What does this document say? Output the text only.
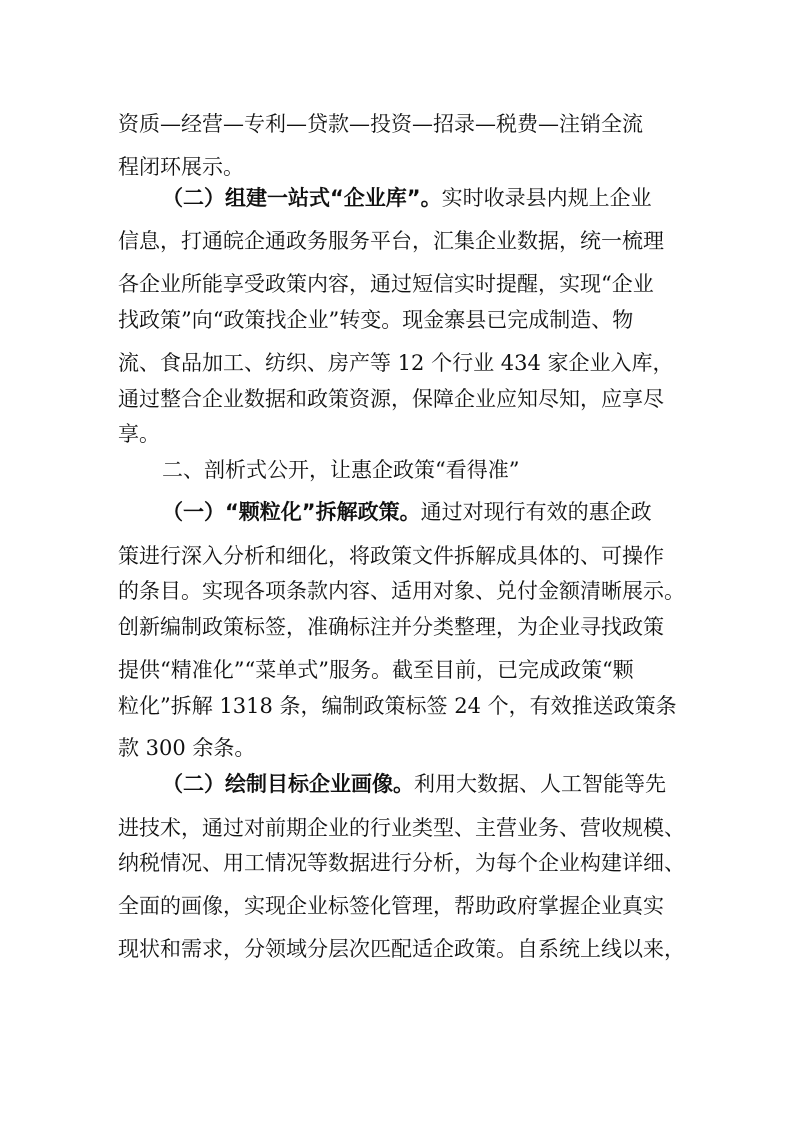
资质—经营—专利—贷款—投资—招录—税费—注销全流
程闭环展示。
（二）组建一站式“企业库”。实时收录县内规上企业
信息，打通皖企通政务服务平台，汇集企业数据，统一梳理
各企业所能享受政策内容，通过短信实时提醒，实现“企业
找政策”向“政策找企业”转变。现金寨县已完成制造、物
流、食品加工、纺织、房产等 12 个行业 434 家企业入库，
通过整合企业数据和政策资源，保障企业应知尽知，应享尽
享。
二、剖析式公开，让惠企政策“看得准”
（一）“颗粒化”拆解政策。通过对现行有效的惠企政
策进行深入分析和细化，将政策文件拆解成具体的、可操作
的条目。实现各项条款内容、适用对象、兑付金额清晰展示。
创新编制政策标签，准确标注并分类整理，为企业寻找政策
提供“精准化”“菜单式”服务。截至目前，已完成政策“颗
粒化”拆解 1318 条，编制政策标签 24 个，有效推送政策条
款 300 余条。
（二）绘制目标企业画像。利用大数据、人工智能等先
进技术，通过对前期企业的行业类型、主营业务、营收规模、
纳税情况、用工情况等数据进行分析，为每个企业构建详细、
全面的画像，实现企业标签化管理，帮助政府掌握企业真实
现状和需求，分领域分层次匹配适企政策。自系统上线以来，
